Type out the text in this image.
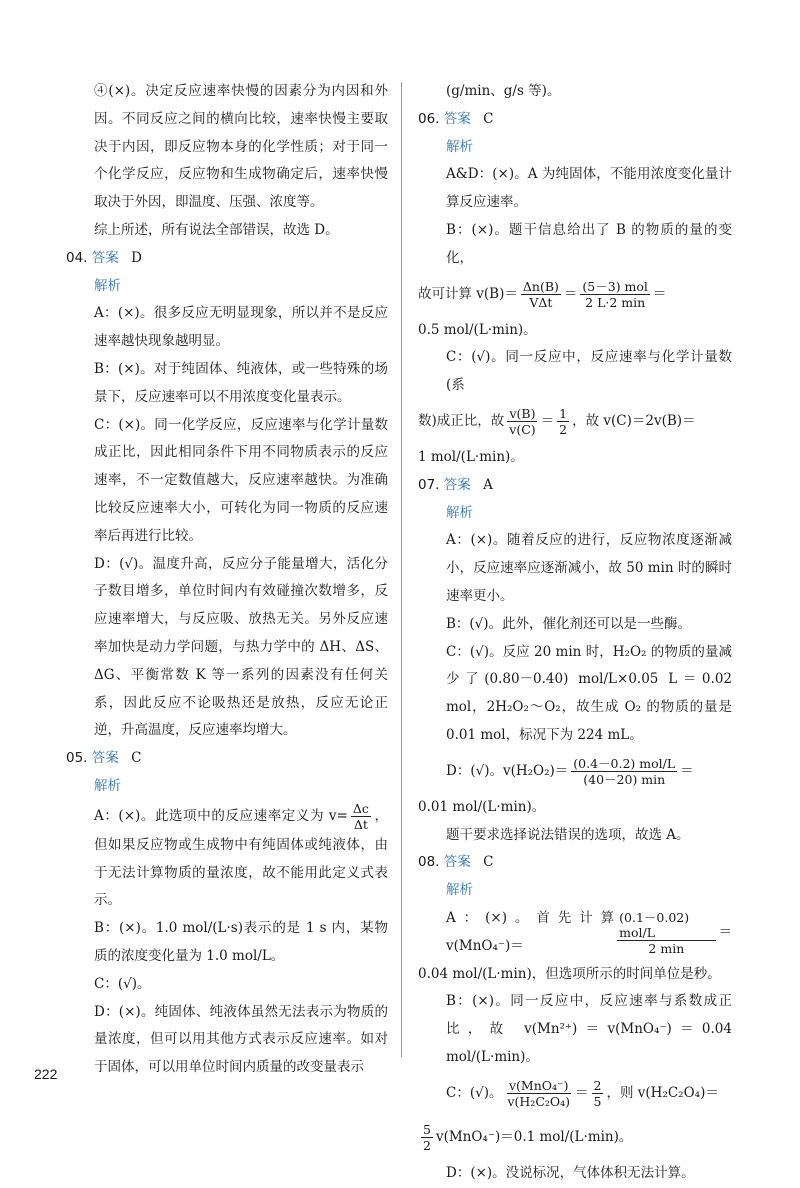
④(×)。决定反应速率快慢的因素分为内因和外因。不同反应之间的横向比较，速率快慢主要取决于内因，即反应物本身的化学性质；对于同一个化学反应，反应物和生成物确定后，速率快慢取决于外因，即温度、压强、浓度等。

综上所述，所有说法全部错误，故选 D。

04. 答案 D

解析

A：(×)。很多反应无明显现象，所以并不是反应速率越快现象越明显。

B：(×)。对于纯固体、纯液体，或一些特殊的场景下，反应速率可以不用浓度变化量表示。

C：(×)。同一化学反应，反应速率与化学计量数成正比，因此相同条件下用不同物质表示的反应速率，不一定数值越大，反应速率越快。为准确比较反应速率大小，可转化为同一物质的反应速率后再进行比较。

D：(√)。温度升高，反应分子能量增大，活化分子数目增多，单位时间内有效碰撞次数增多，反应速率增大，与反应吸、放热无关。另外反应速率加快是动力学问题，与热力学中的 ΔH、ΔS、ΔG、平衡常数 K 等一系列的因素没有任何关系，因此反应不论吸热还是放热，反应无论正逆，升高温度，反应速率均增大。

05. 答案 C

解析

A：(×)。此选项中的反应速率定义为 $v= \frac{\Delta c}{\Delta t}$ ，但如果反应物或生成物中有纯固体或纯液体，由于无法计算物质的量浓度，故不能用此定义式表示。

B：(×)。1.0 mol/(L·s)表示的是 1 s 内，某物质的浓度变化量为 1.0 mol/L。

C：(√)。

D：(×)。纯固体、纯液体虽然无法表示为物质的量浓度，但可以用其他方式表示反应速率。如对于固体，可以用单位时间内质量的改变量表示

(g/min、g/s 等)。

06. 答案 C

解析

A&D：(×)。A 为纯固体，不能用浓度变化量计算反应速率。

B：(×)。题干信息给出了 B 的物质的量的变化，

故可计算 $v(B)= \frac{\Delta n(B)}{\text{VΔt}} = \frac{\text{(5－3) mol}}{2 L\cdot 2 \min}$ ＝

0.5 mol/(L·min)。

C：(√)。同一反应中，反应速率与化学计量数(系

数)成正比，故 $\frac{v(B)}{v(C)} = \frac{1}{2}$ ，故 v(C)＝2v(B)＝

1 mol/(L·min)。

07. 答案 A

解析

A：(×)。随着反应的进行，反应物浓度逐渐减小，反应速率应逐渐减小，故 50 min 时的瞬时速率更小。

B：(√)。此外，催化剂还可以是一些酶。

C：(√)。反应 20 min 时，H₂O₂ 的物质的量减少了(0.80－0.40) mol/L×0.05 L＝0.02 mol，2H₂O₂～O₂，故生成 O₂ 的物质的量是 0.01 mol，标况下为 224 mL。

D：(√)。$v(H_2O_2)= \frac{\text{(0.4－0.2) mol/L}}{(40-20) \min}$ ＝

0.01 mol/(L·min)。

题干要求选择说法错误的选项，故选 A。

08. 答案 C

解析

A：(×)。首先计算 v(MnO₄⁻)＝	$\frac{\text{(0.1－0.02) mol/L}}{2 \min}$ ＝

0.04 mol/(L·min)，但选项所示的时间单位是秒。

B：(×)。同一反应中，反应速率与系数成正比，故 v(Mn²⁺)＝v(MnO₄⁻)＝0.04 mol/(L·min)。

C：(√)。 $\frac{\text{v(MnO₄⁻)}}{\text{v(H₂C₂O₄)}} = \frac{2}{5}$ ，则 v(H₂C₂O₄)＝

$\frac{5}{2} v(MnO_4^-)=0.1$ mol/(L·min)。

D：(×)。没说标况，气体体积无法计算。

222
